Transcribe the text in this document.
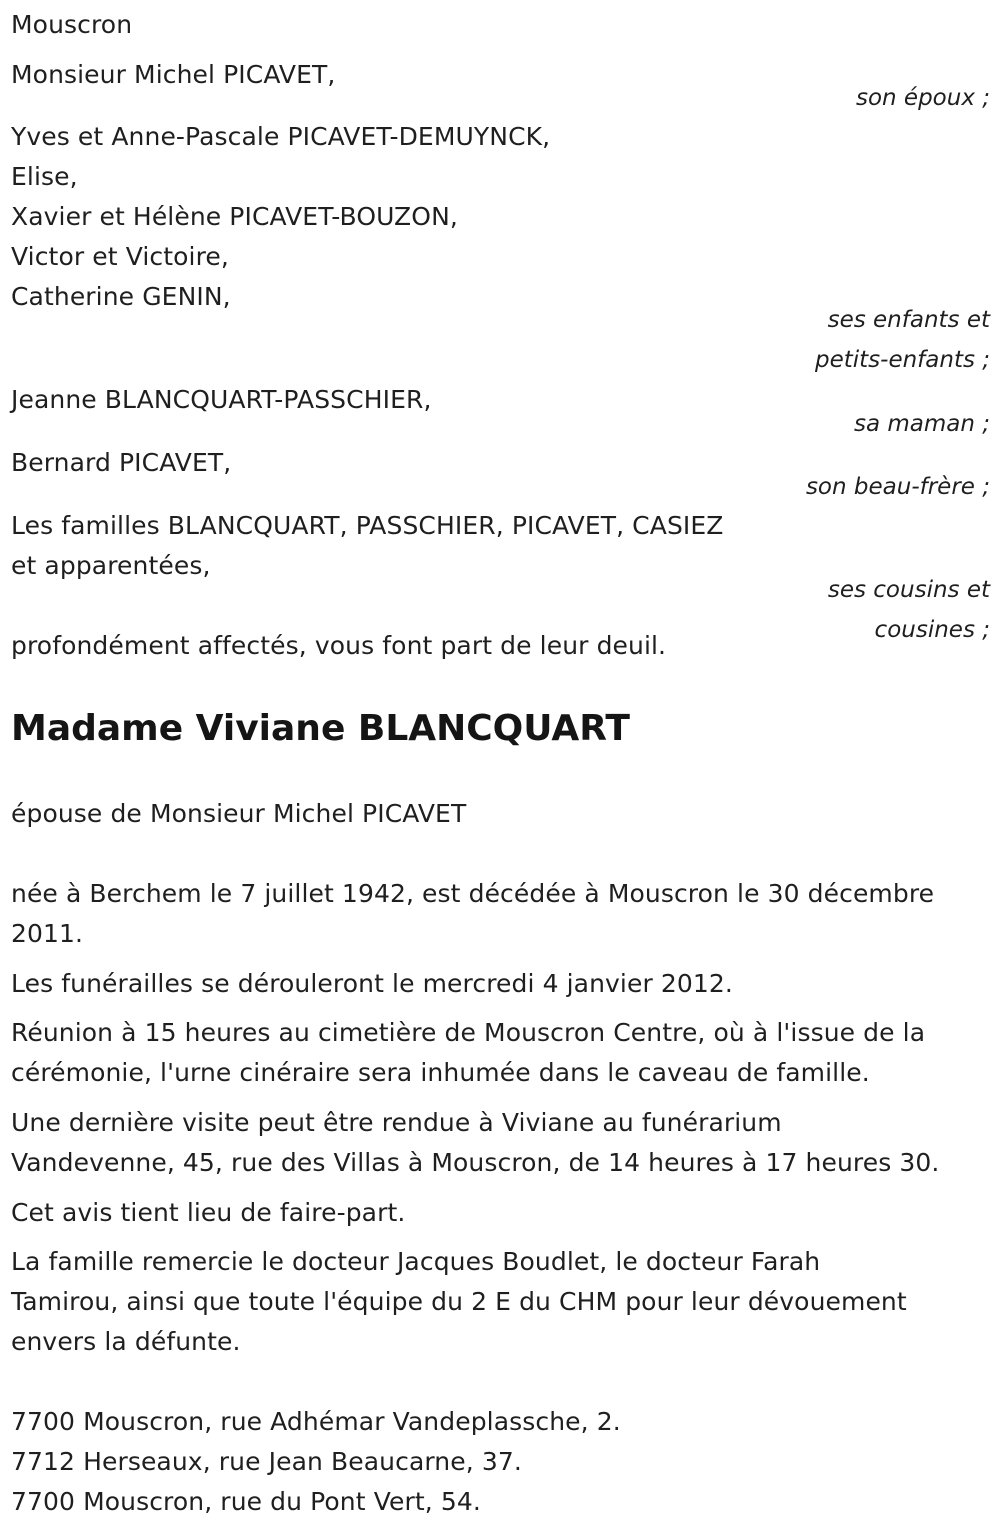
Mouscron
Monsieur Michel PICAVET,
son époux ;
Yves et Anne-Pascale PICAVET-DEMUYNCK,
Elise,
Xavier et Hélène PICAVET-BOUZON,
Victor et Victoire,
Catherine GENIN,
ses enfants et
petits-enfants ;
Jeanne BLANCQUART-PASSCHIER,
sa maman ;
Bernard PICAVET,
son beau-frère ;
Les familles BLANCQUART, PASSCHIER, PICAVET, CASIEZ
et apparentées,
ses cousins et
cousines ;
profondément affectés, vous font part de leur deuil.
Madame Viviane BLANCQUART
épouse de Monsieur Michel PICAVET
née à Berchem le 7 juillet 1942, est décédée à Mouscron le 30 décembre
2011.
Les funérailles se dérouleront le mercredi 4 janvier 2012.
Réunion à 15 heures au cimetière de Mouscron Centre, où à l'issue de la
cérémonie, l'urne cinéraire sera inhumée dans le caveau de famille.
Une dernière visite peut être rendue à Viviane au funérarium
Vandevenne, 45, rue des Villas à Mouscron, de 14 heures à 17 heures 30.
Cet avis tient lieu de faire-part.
La famille remercie le docteur Jacques Boudlet, le docteur Farah
Tamirou, ainsi que toute l'équipe du 2 E du CHM pour leur dévouement
envers la défunte.
7700 Mouscron, rue Adhémar Vandeplassche, 2.
7712 Herseaux, rue Jean Beaucarne, 37.
7700 Mouscron, rue du Pont Vert, 54.
